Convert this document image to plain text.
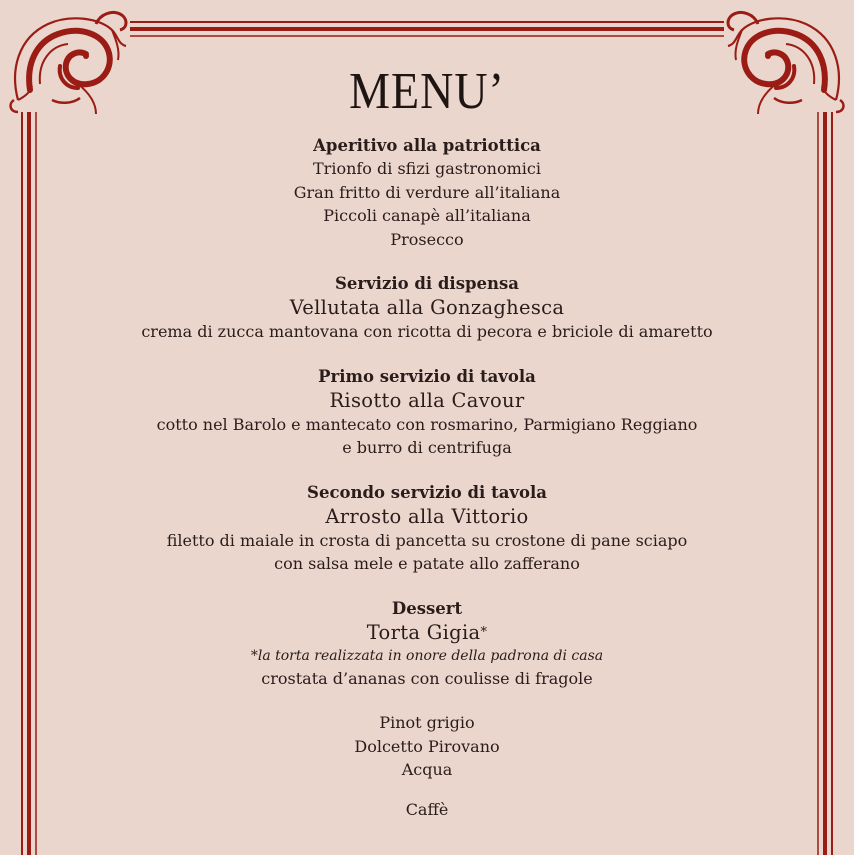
MENU’
Aperitivo alla patriottica
Trionfo di sfizi gastronomici
Gran fritto di verdure all’italiana
Piccoli canapè all’italiana
Prosecco
Servizio di dispensa
Vellutata alla Gonzaghesca
crema di zucca mantovana con ricotta di pecora e briciole di amaretto
Primo servizio di tavola
Risotto alla Cavour
cotto nel Barolo e mantecato con rosmarino, Parmigiano Reggiano
e burro di centrifuga
Secondo servizio di tavola
Arrosto alla Vittorio
filetto di maiale in crosta di pancetta su crostone di pane sciapo
con salsa mele e patate allo zafferano
Dessert
Torta Gigia*
*la torta realizzata in onore della padrona di casa
crostata d’ananas con coulisse di fragole
Pinot grigio
Dolcetto Pirovano
Acqua
Caffè
